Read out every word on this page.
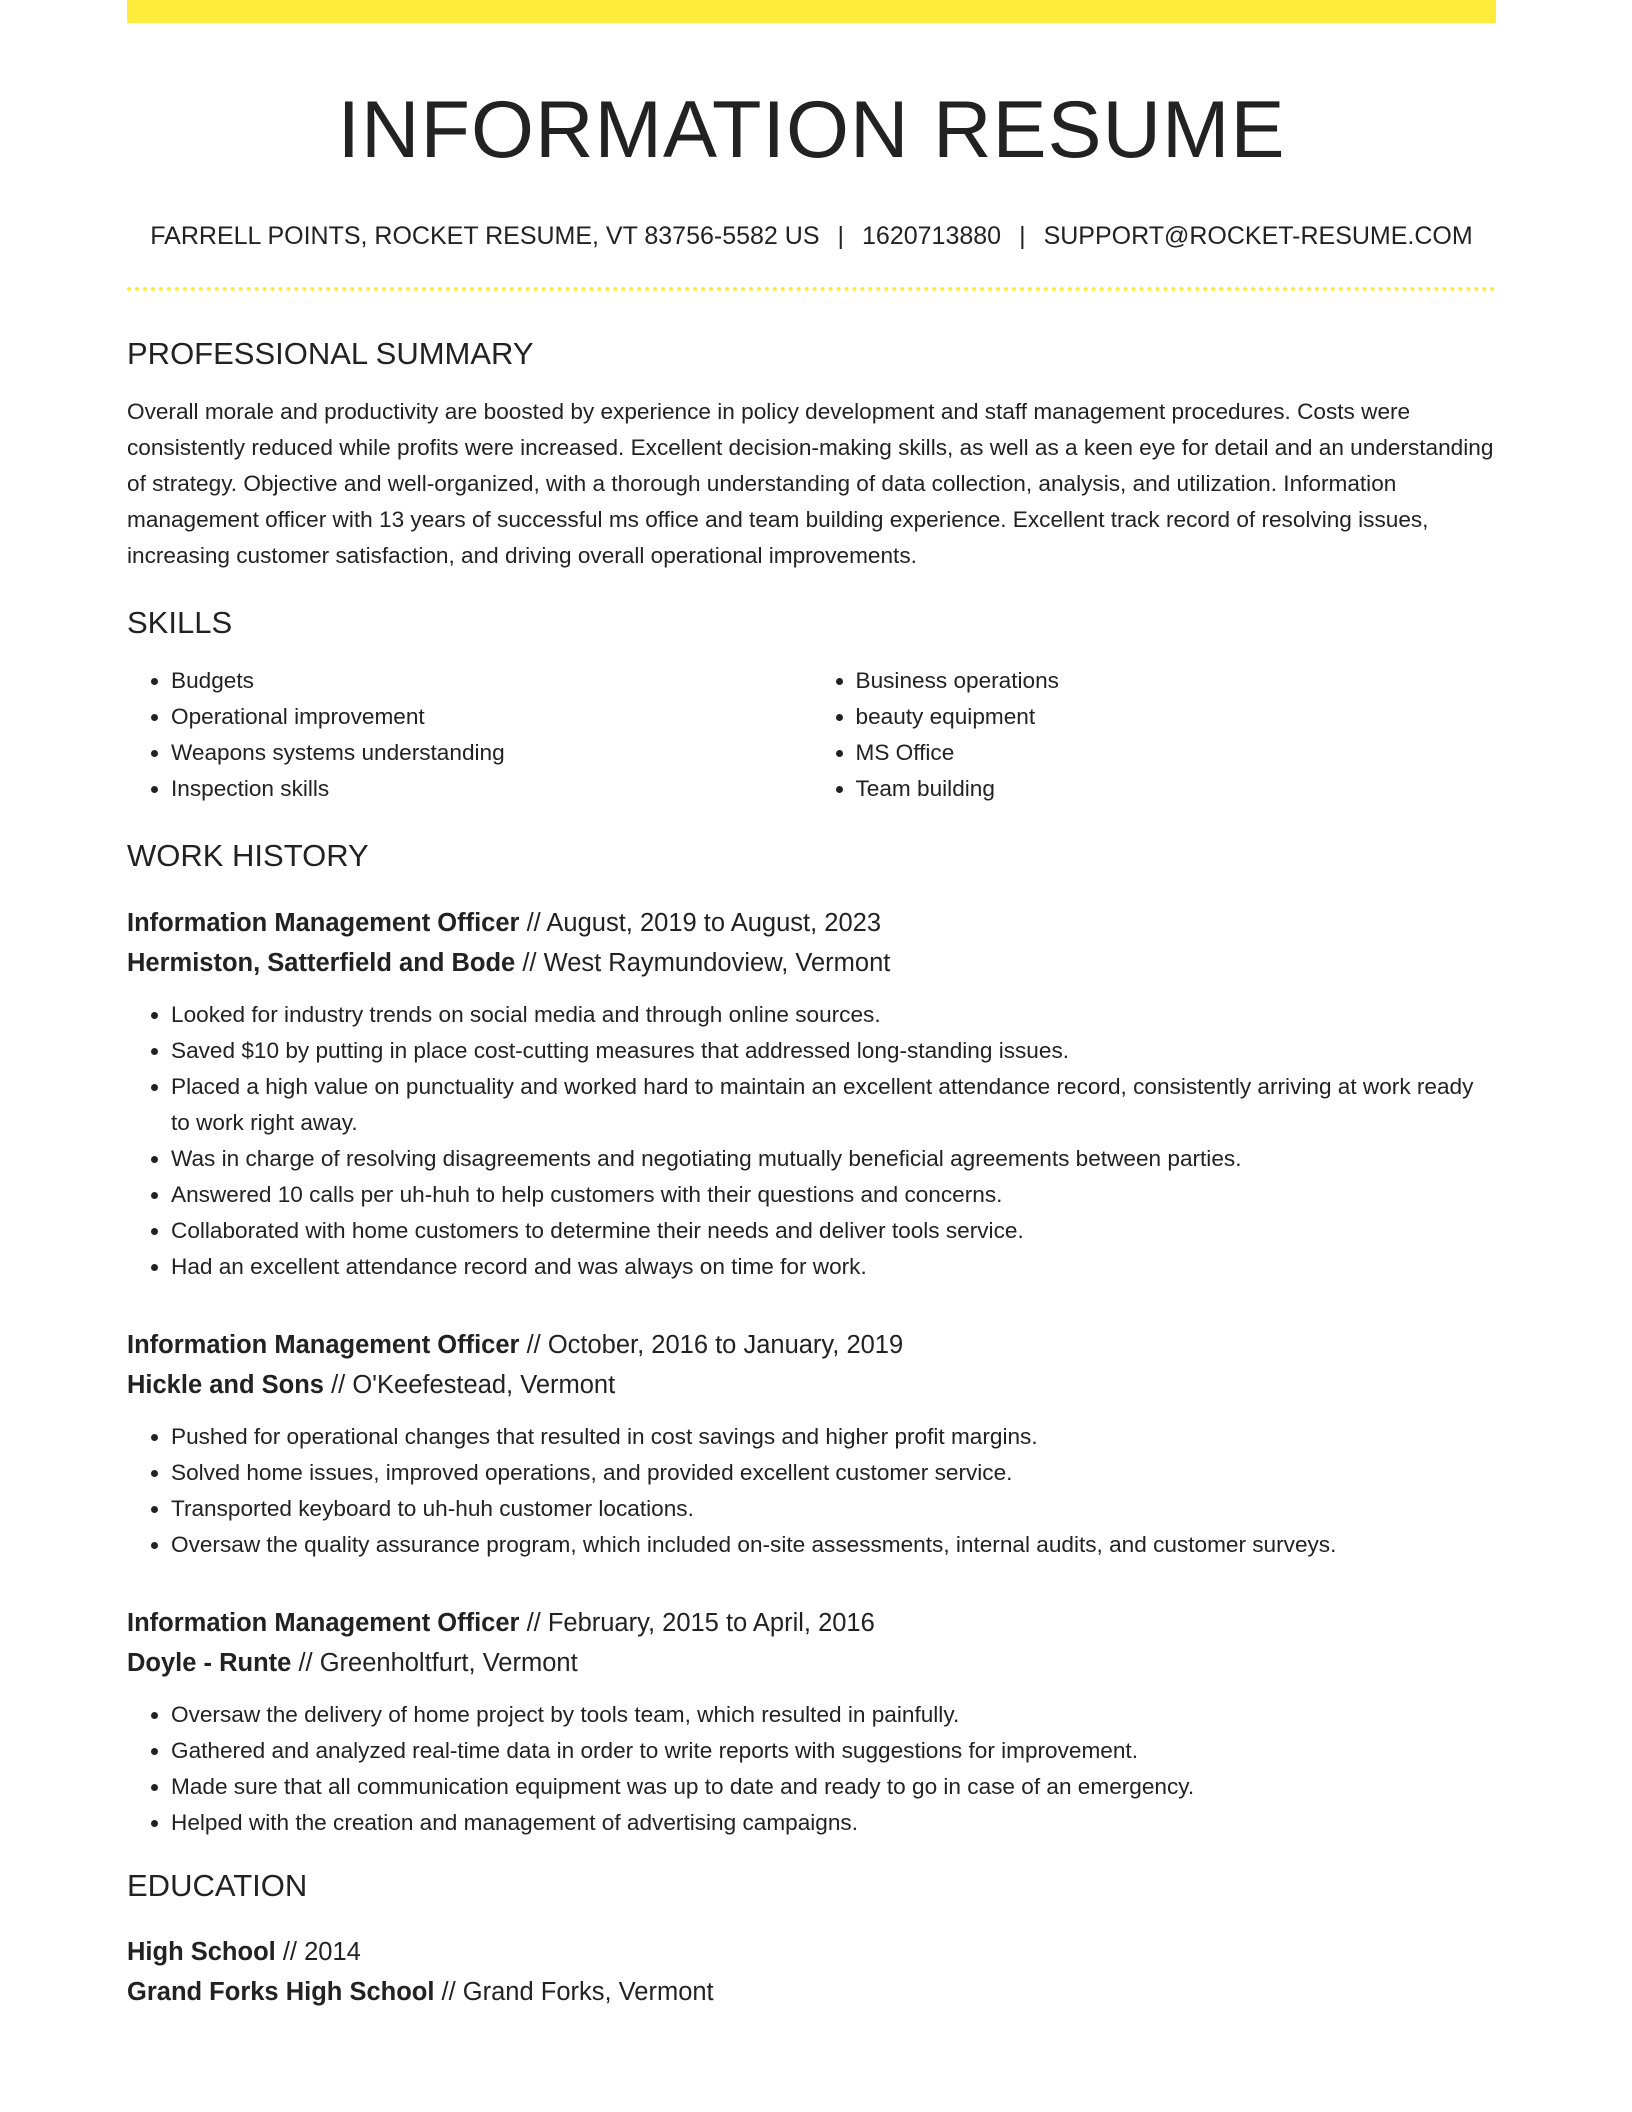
INFORMATION RESUME
FARRELL POINTS, ROCKET RESUME, VT 83756-5582 US | 1620713880 | SUPPORT@ROCKET-RESUME.COM
PROFESSIONAL SUMMARY

Overall morale and productivity are boosted by experience in policy development and staff management procedures. Costs were consistently reduced while profits were increased. Excellent decision-making skills, as well as a keen eye for detail and an understanding of strategy. Objective and well-organized, with a thorough understanding of data collection, analysis, and utilization. Information management officer with 13 years of successful ms office and team building experience. Excellent track record of resolving issues, increasing customer satisfaction, and driving overall operational improvements.

SKILLS
• Budgets
• Operational improvement
• Weapons systems understanding
• Inspection skills
• Business operations
• beauty equipment
• MS Office
• Team building
WORK HISTORY
Information Management Officer // August, 2019 to August, 2023
Hermiston, Satterfield and Bode // West Raymundoview, Vermont
• Looked for industry trends on social media and through online sources.
• Saved $10 by putting in place cost-cutting measures that addressed long-standing issues.
• Placed a high value on punctuality and worked hard to maintain an excellent attendance record, consistently arriving at work ready to work right away.
• Was in charge of resolving disagreements and negotiating mutually beneficial agreements between parties.
• Answered 10 calls per uh-huh to help customers with their questions and concerns.
• Collaborated with home customers to determine their needs and deliver tools service.
• Had an excellent attendance record and was always on time for work.
Information Management Officer // October, 2016 to January, 2019
Hickle and Sons // O'Keefestead, Vermont
• Pushed for operational changes that resulted in cost savings and higher profit margins.
• Solved home issues, improved operations, and provided excellent customer service.
• Transported keyboard to uh-huh customer locations.
• Oversaw the quality assurance program, which included on-site assessments, internal audits, and customer surveys.
Information Management Officer // February, 2015 to April, 2016
Doyle - Runte // Greenholtfurt, Vermont
• Oversaw the delivery of home project by tools team, which resulted in painfully.
• Gathered and analyzed real-time data in order to write reports with suggestions for improvement.
• Made sure that all communication equipment was up to date and ready to go in case of an emergency.
• Helped with the creation and management of advertising campaigns.
EDUCATION
High School // 2014
Grand Forks High School // Grand Forks, Vermont
